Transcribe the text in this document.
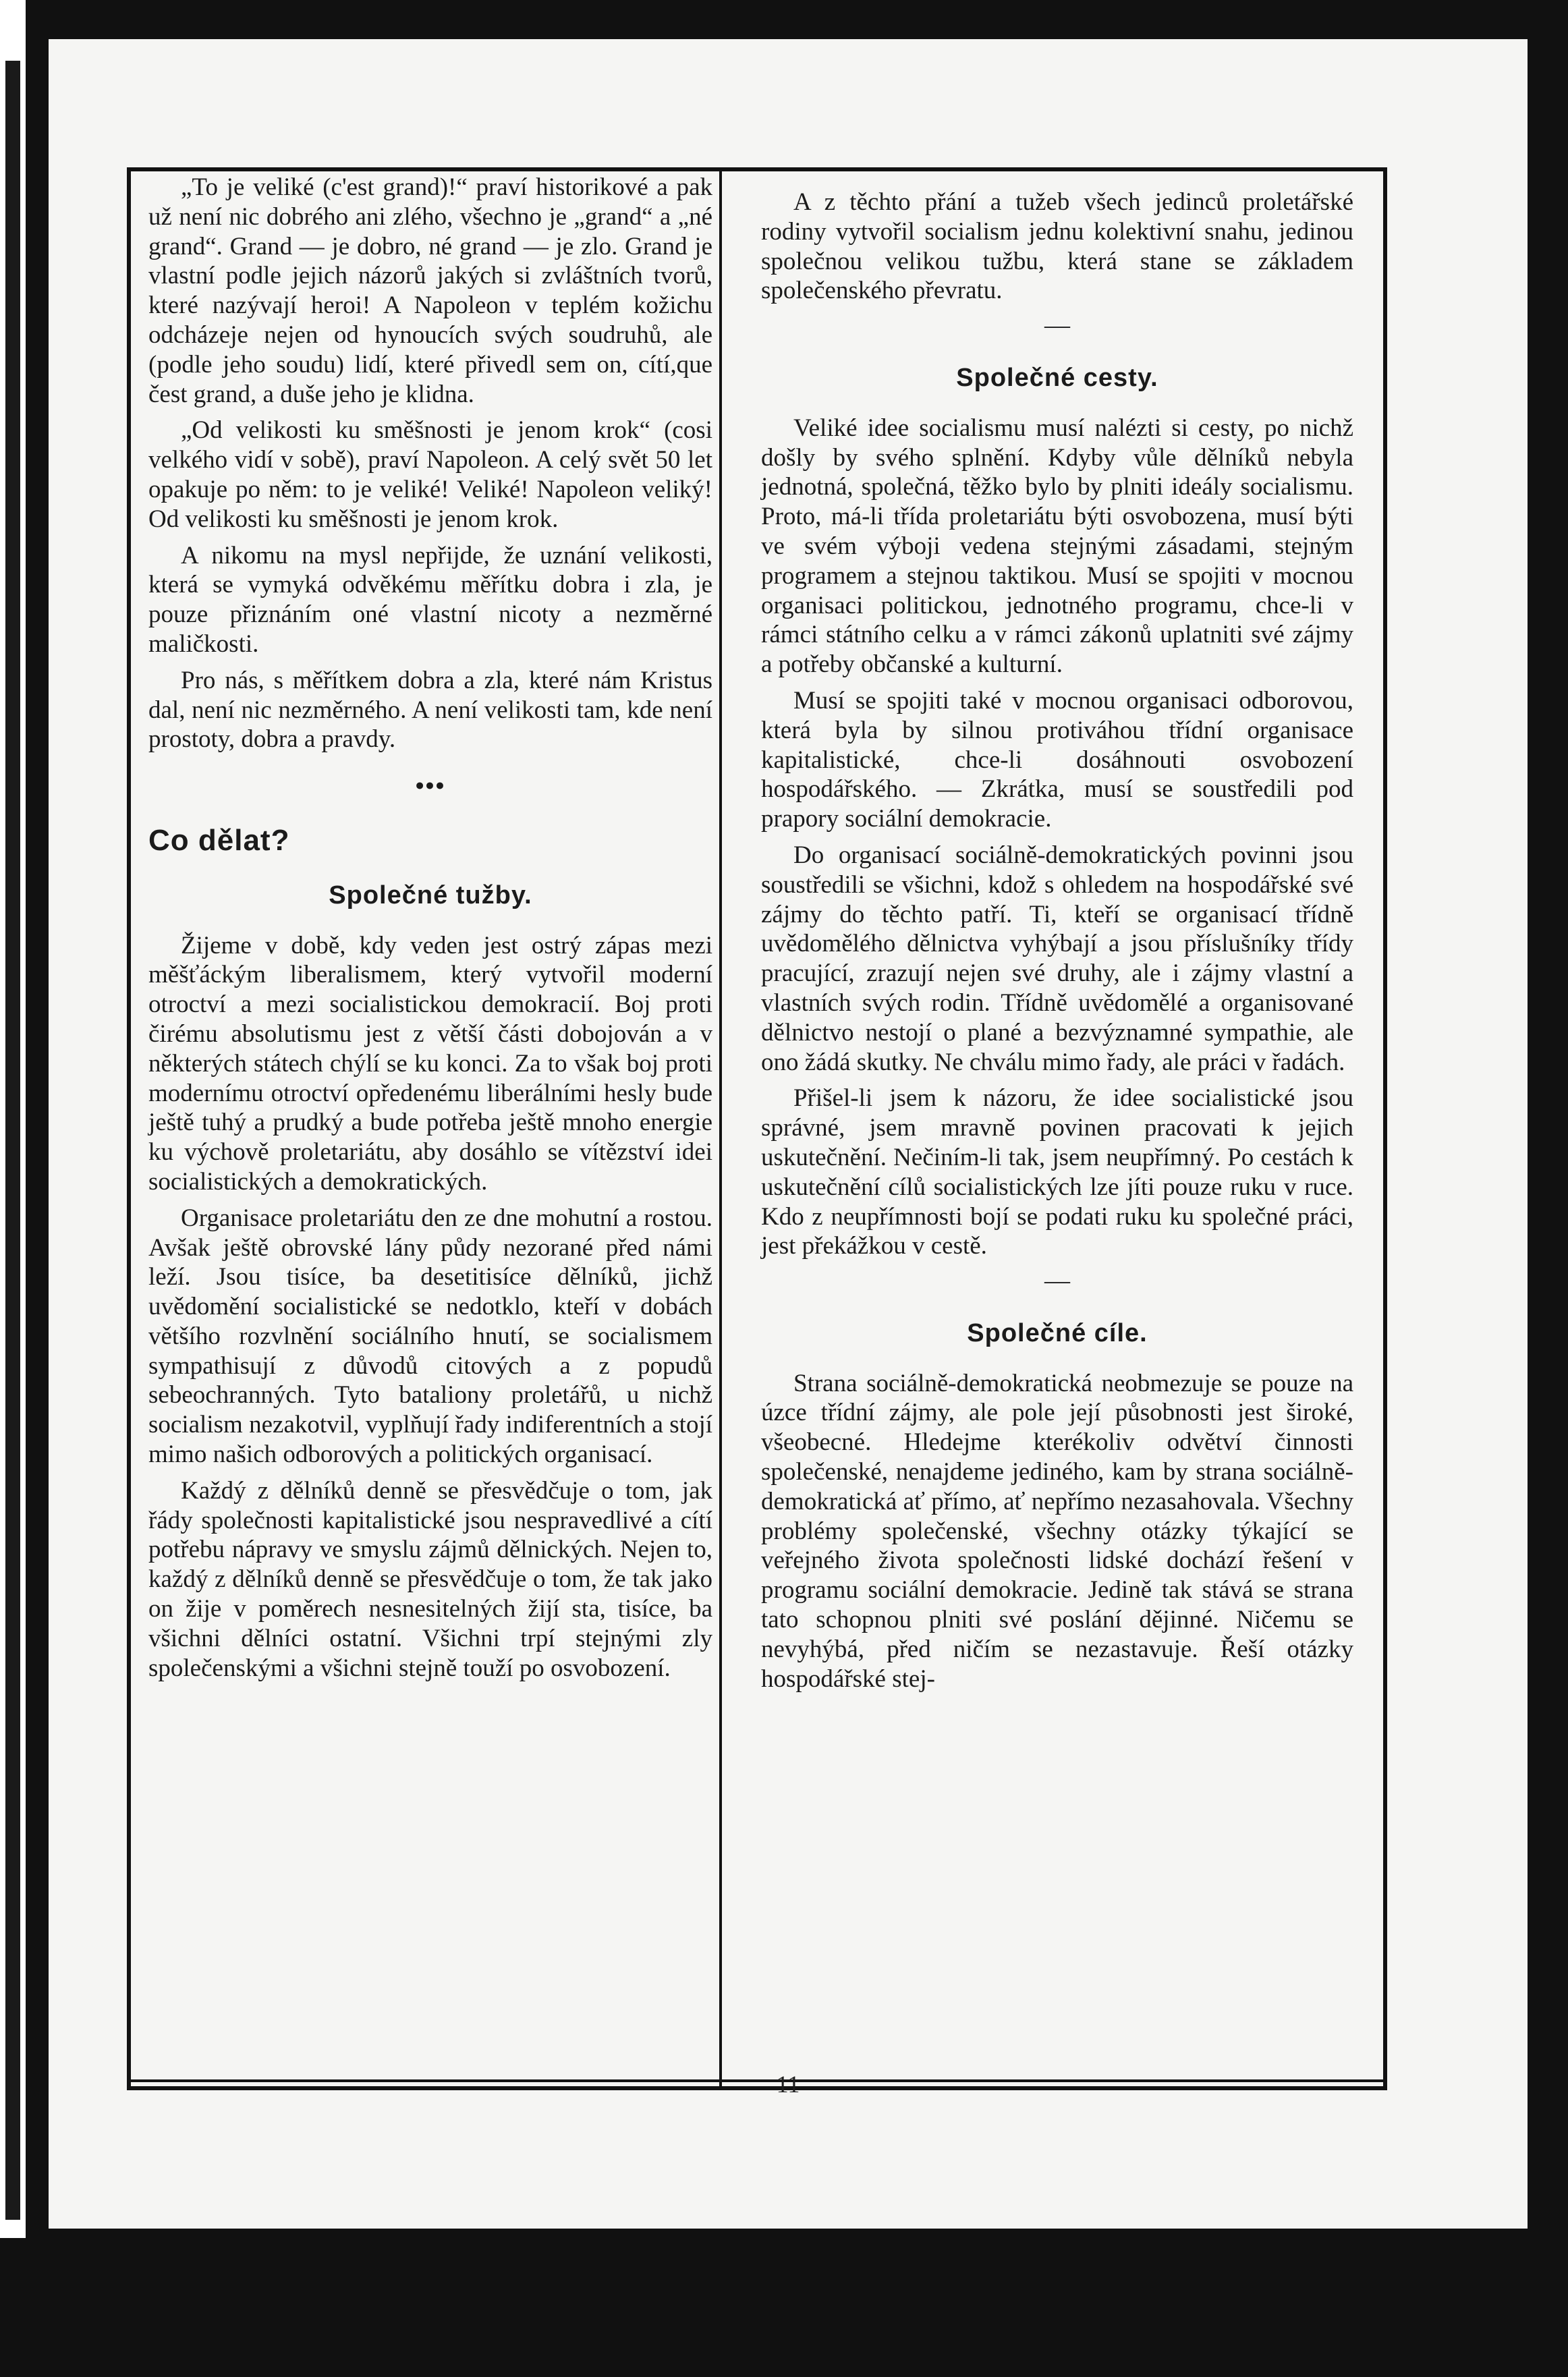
„To je veliké (c'est grand)!“ praví historikové a pak už není nic dobrého ani zlého, všechno je „grand“ a „né grand“. Grand — je dobro, né grand — je zlo. Grand je vlastní podle jejich názorů jakých si zvláštních tvorů, které nazývají heroi! A Napoleon v teplém kožichu odcházeje nejen od hynoucích svých soudruhů, ale (podle jeho soudu) lidí, které přivedl sem on, cítí,que čest grand, a duše jeho je klidna.

„Od velikosti ku směšnosti je jenom krok“ (cosi velkého vidí v sobě), praví Napoleon. A celý svět 50 let opakuje po něm: to je veliké! Veliké! Napoleon veliký! Od velikosti ku směšnosti je jenom krok.

A nikomu na mysl nepřijde, že uznání velikosti, která se vymyká odvěkému měřítku dobra i zla, je pouze přiznáním oné vlastní nicoty a nezměrné maličkosti.

Pro nás, s měřítkem dobra a zla, které nám Kristus dal, není nic nezměrného. A není velikosti tam, kde není prostoty, dobra a pravdy.

•••
Co dělat?
Společné tužby.

Žijeme v době, kdy veden jest ostrý zápas mezi měšťáckým liberalismem, který vytvořil moderní otroctví a mezi socialistickou demokracií. Boj proti čirému absolutismu jest z větší části dobojován a v některých státech chýlí se ku konci. Za to však boj proti modernímu otroctví opředenému liberálními hesly bude ještě tuhý a prudký a bude potřeba ještě mnoho energie ku výchově proletariátu, aby dosáhlo se vítězství idei socialistických a demokratických.

Organisace proletariátu den ze dne mohutní a rostou. Avšak ještě obrovské lány půdy nezorané před námi leží. Jsou tisíce, ba desetitisíce dělníků, jichž uvědomění socialistické se nedotklo, kteří v dobách většího rozvlnění sociálního hnutí, se socialismem sympathisují z důvodů citových a z popudů sebeochranných. Tyto bataliony proletářů, u nichž socialism nezakotvil, vyplňují řady indiferentních a stojí mimo našich odborových a politických organisací.

Každý z dělníků denně se přesvědčuje o tom, jak řády společnosti kapitalistické jsou nespravedlivé a cítí potřebu nápravy ve smyslu zájmů dělnických. Nejen to, každý z dělníků denně se přesvědčuje o tom, že tak jako on žije v poměrech nesnesitelných žijí sta, tisíce, ba všichni dělníci ostatní. Všichni trpí stejnými zly společenskými a všichni stejně touží po osvobození.

A z těchto přání a tužeb všech jedinců proletářské rodiny vytvořil socialism jednu kolektivní snahu, jedinou společnou velikou tužbu, která stane se základem společenského převratu.

—
Společné cesty.

Veliké idee socialismu musí nalézti si cesty, po nichž došly by svého splnění. Kdyby vůle dělníků nebyla jednotná, společná, těžko bylo by plniti ideály socialismu. Proto, má-li třída proletariátu býti osvobozena, musí býti ve svém výboji vedena stejnými zásadami, stejným programem a stejnou taktikou. Musí se spojiti v mocnou organisaci politickou, jednotného programu, chce-li v rámci státního celku a v rámci zákonů uplatniti své zájmy a potřeby občanské a kulturní.

Musí se spojiti také v mocnou organisaci odborovou, která byla by silnou protiváhou třídní organisace kapitalistické, chce-li dosáhnouti osvobození hospodářského. — Zkrátka, musí se soustředili pod prapory sociální demokracie.

Do organisací sociálně-demokratických povinni jsou soustředili se všichni, kdož s ohledem na hospodářské své zájmy do těchto patří. Ti, kteří se organisací třídně uvědomělého dělnictva vyhýbají a jsou příslušníky třídy pracující, zrazují nejen své druhy, ale i zájmy vlastní a vlastních svých rodin. Třídně uvědomělé a organisované dělnictvo nestojí o plané a bezvýznamné sympathie, ale ono žádá skutky. Ne chválu mimo řady, ale práci v řadách.

Přišel-li jsem k názoru, že idee socialistické jsou správné, jsem mravně povinen pracovati k jejich uskutečnění. Nečiním-li tak, jsem neupřímný. Po cestách k uskutečnění cílů socialistických lze jíti pouze ruku v ruce. Kdo z neupřímnosti bojí se podati ruku ku společné práci, jest překážkou v cestě.

—
Společné cíle.

Strana sociálně-demokratická neobmezuje se pouze na úzce třídní zájmy, ale pole její působnosti jest široké, všeobecné. Hledejme kterékoliv odvětví činnosti společenské, nenajdeme jediného, kam by strana sociálně-demokratická ať přímo, ať nepřímo nezasahovala. Všechny problémy společenské, všechny otázky týkající se veřejného života společnosti lidské dochází řešení v programu sociální demokracie. Jedině tak stává se strana tato schopnou plniti své poslání dějinné. Ničemu se nevyhýbá, před ničím se nezastavuje. Řeší otázky hospodářské stej-

11
